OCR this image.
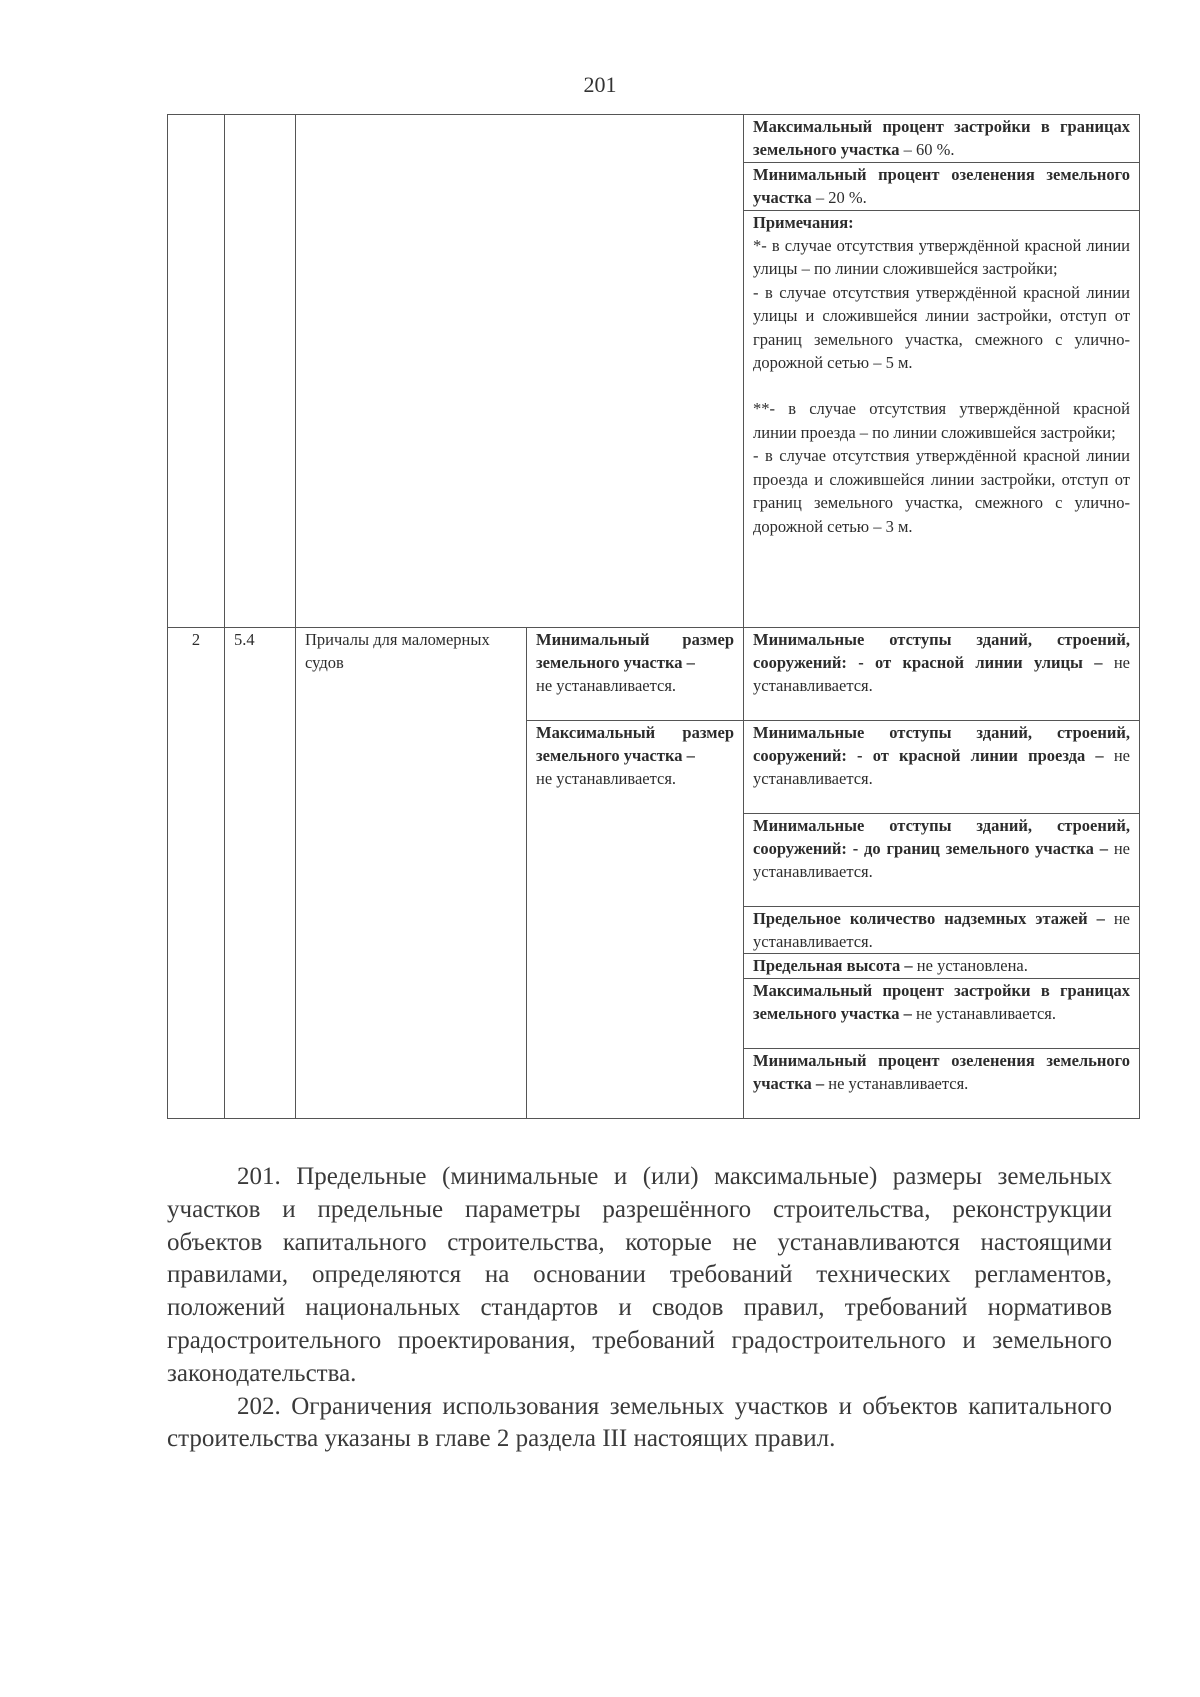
201
				Максимальный процент застройки в границах земельного участка – 60 %.
				Минимальный процент озеленения земельного участка – 20 %.

				Примечания:
*- в случае отсутствия утверждённой красной линии улицы – по линии сложившейся застройки;
- в случае отсутствия утверждённой красной линии улицы и сложившейся линии застройки, отступ от границ земельного участка, смежного с улично-дорожной сетью – 5 м.
**- в случае отсутствия утверждённой красной линии проезда – по линии сложившейся застройки;
- в случае отсутствия утверждённой красной линии проезда и сложившейся линии застройки, отступ от границ земельного участка, смежного с улично-дорожной сетью – 3 м.

2	5.4	Причалы для маломерных судов	Минимальный размер земельного участка –
не устанавливается.	Минимальные отступы зданий, строений, сооружений: - от красной линии улицы – не устанавливается.
			Максимальный размер земельного участка –
не устанавливается.	Минимальные отступы зданий, строений, сооружений: - от красной линии проезда – не устанавливается.
				Минимальные отступы зданий, строений, сооружений: - до границ земельного участка – не устанавливается.
				Предельное количество надземных этажей – не устанавливается.
				Предельная высота – не установлена.
				Максимальный процент застройки в границах земельного участка – не устанавливается.
				Минимальный процент озеленения земельного участка – не устанавливается.

201. Предельные (минимальные и (или) максимальные) размеры земельных участков и предельные параметры разрешённого строительства, реконструкции объектов капитального строительства, которые не устанавливаются настоящими правилами, определяются на основании требований технических регламентов, положений национальных стандартов и сводов правил, требований нормативов градостроительного проектирования, требований градостроительного и земельного законодательства.

202. Ограничения использования земельных участков и объектов капитального строительства указаны в главе 2 раздела III настоящих правил.
